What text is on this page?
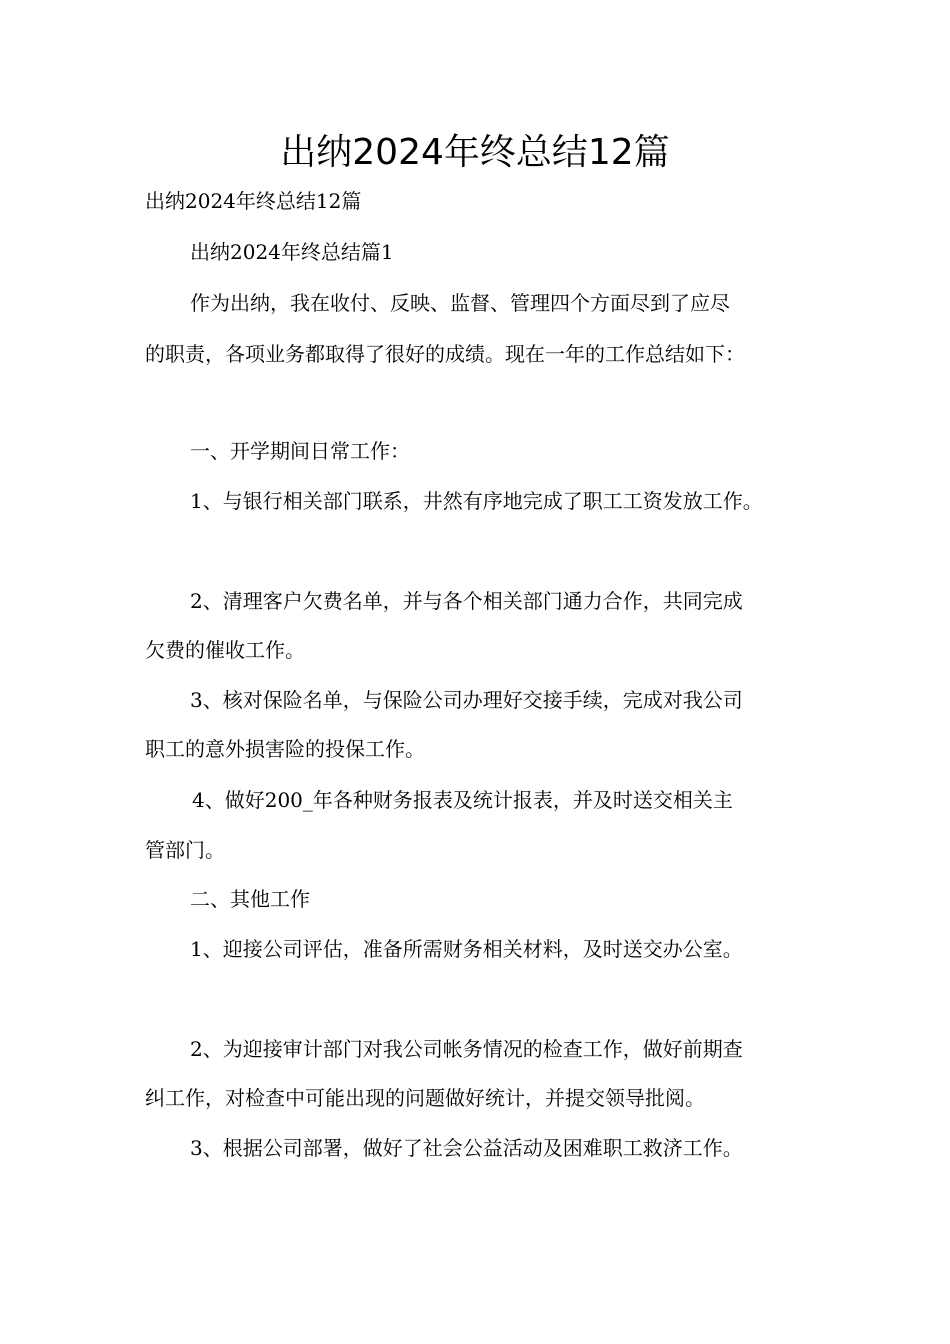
出纳2024年终总结12篇
出纳2024年终总结12篇
出纳2024年终总结篇1
作为出纳，我在收付、反映、监督、管理四个方面尽到了应尽
的职责，各项业务都取得了很好的成绩。现在一年的工作总结如下：
一、开学期间日常工作：
1、与银行相关部门联系，井然有序地完成了职工工资发放工作。
2、清理客户欠费名单，并与各个相关部门通力合作，共同完成
欠费的催收工作。
3、核对保险名单，与保险公司办理好交接手续，完成对我公司
职工的意外损害险的投保工作。
4、做好200_年各种财务报表及统计报表，并及时送交相关主
管部门。
二、其他工作
1、迎接公司评估，准备所需财务相关材料，及时送交办公室。
2、为迎接审计部门对我公司帐务情况的检查工作，做好前期查
纠工作，对检查中可能出现的问题做好统计，并提交领导批阅。
3、根据公司部署，做好了社会公益活动及困难职工救济工作。
